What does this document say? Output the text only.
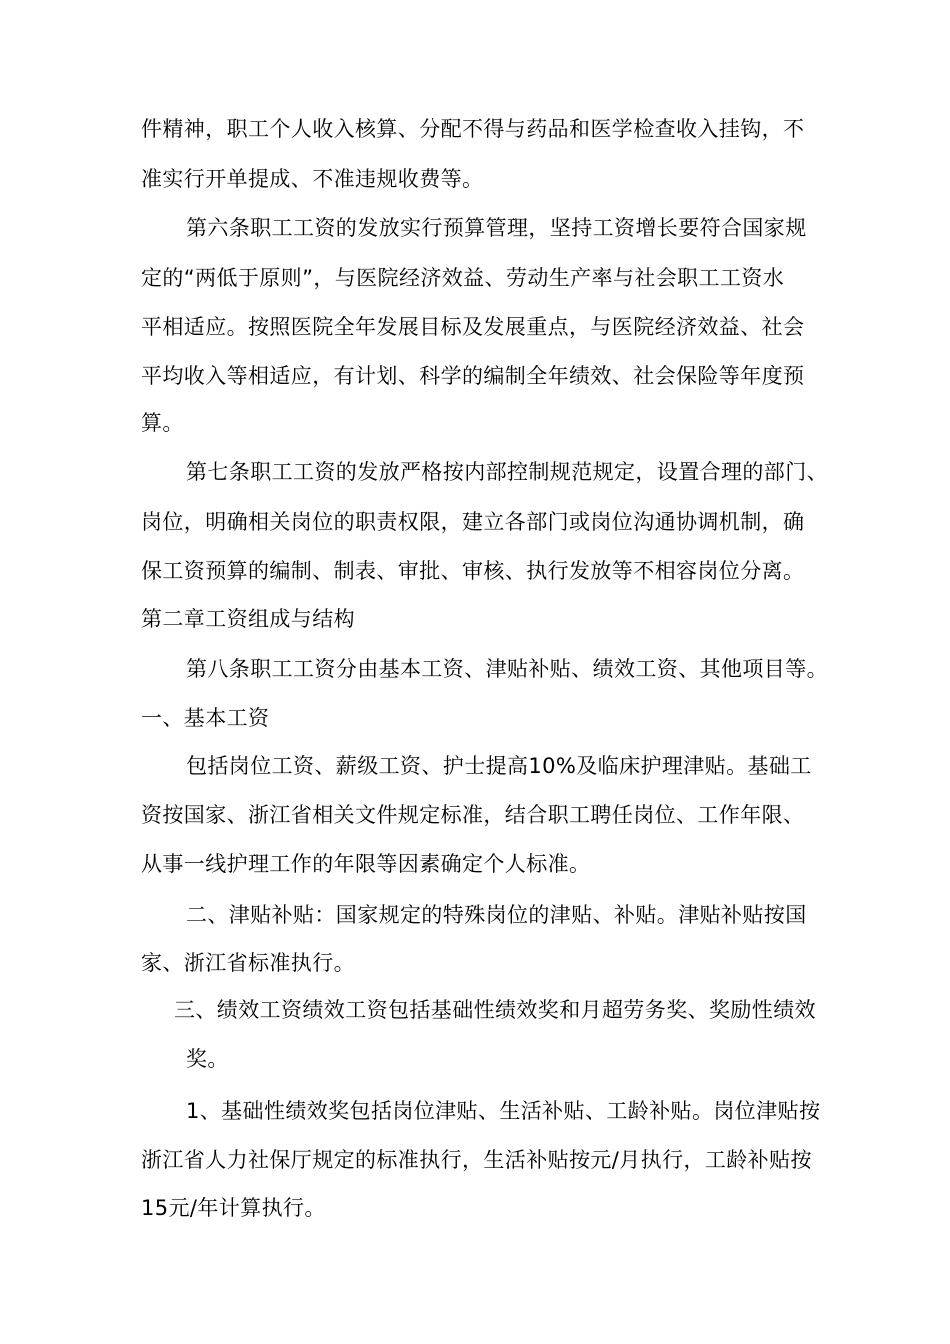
件精神，职工个人收入核算、分配不得与药品和医学检查收入挂钩，不
准实行开单提成、不准违规收费等。
第六条职工工资的发放实行预算管理，坚持工资增长要符合国家规
定的“两低于原则”，与医院经济效益、劳动生产率与社会职工工资水
平相适应。按照医院全年发展目标及发展重点，与医院经济效益、社会
平均收入等相适应，有计划、科学的编制全年绩效、社会保险等年度预
算。
第七条职工工资的发放严格按内部控制规范规定，设置合理的部门、
岗位，明确相关岗位的职责权限，建立各部门或岗位沟通协调机制，确
保工资预算的编制、制表、审批、审核、执行发放等不相容岗位分离。
第二章工资组成与结构
第八条职工工资分由基本工资、津贴补贴、绩效工资、其他项目等。
一、基本工资
包括岗位工资、薪级工资、护士提高10%及临床护理津贴。基础工
资按国家、浙江省相关文件规定标准，结合职工聘任岗位、工作年限、
从事一线护理工作的年限等因素确定个人标准。
二、津贴补贴：国家规定的特殊岗位的津贴、补贴。津贴补贴按国
家、浙江省标准执行。
三、绩效工资绩效工资包括基础性绩效奖和月超劳务奖、奖励性绩效
奖。
1、基础性绩效奖包括岗位津贴、生活补贴、工龄补贴。岗位津贴按
浙江省人力社保厅规定的标准执行，生活补贴按元/月执行，工龄补贴按
15元/年计算执行。
